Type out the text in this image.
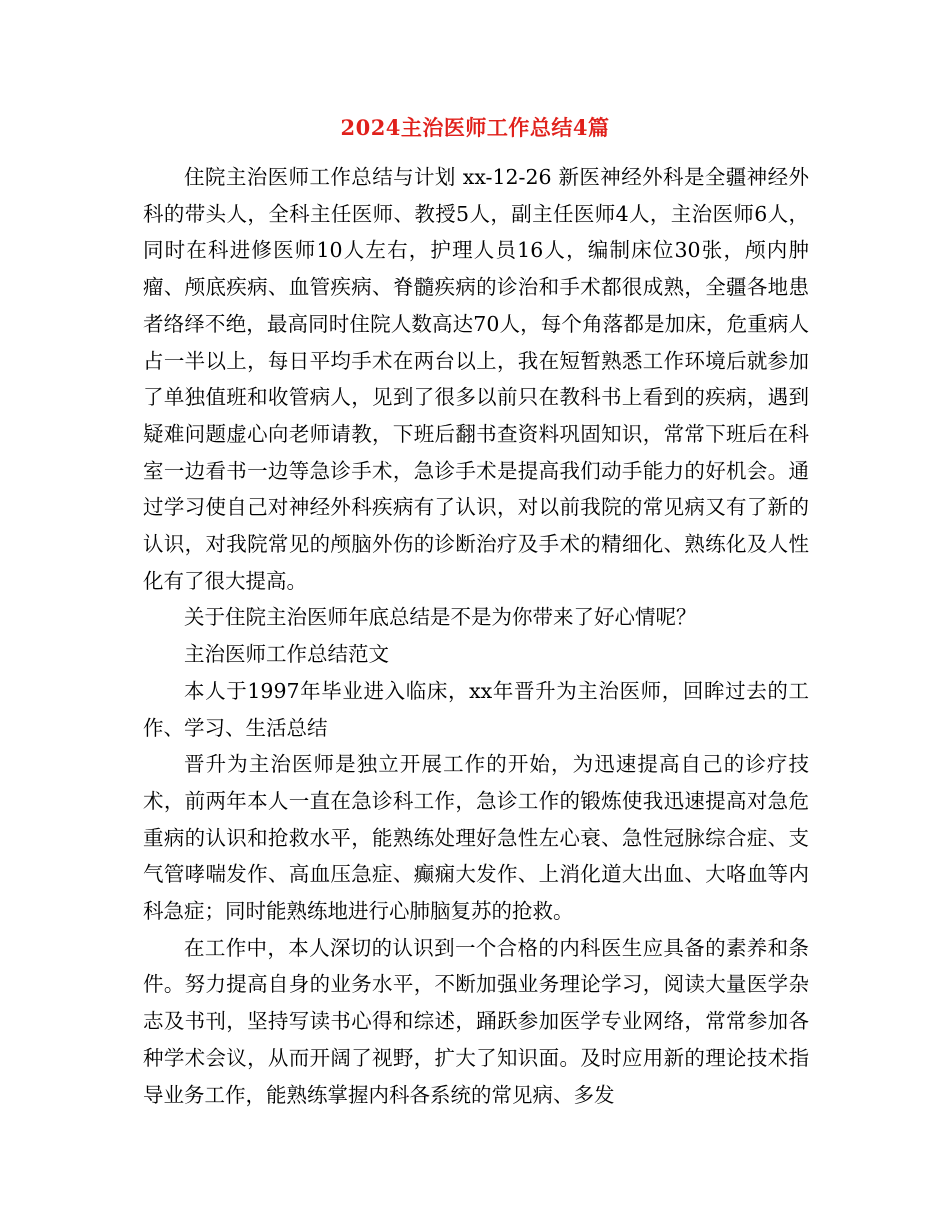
2024主治医师工作总结4篇

住院主治医师工作总结与计划 xx-12-26 新医神经外科是全疆神经外科的带头人，全科主任医师、教授5人，副主任医师4人，主治医师6人，同时在科进修医师10人左右，护理人员16人，编制床位30张，颅内肿瘤、颅底疾病、血管疾病、脊髓疾病的诊治和手术都很成熟，全疆各地患者络绎不绝，最高同时住院人数高达70人，每个角落都是加床，危重病人占一半以上，每日平均手术在两台以上，我在短暂熟悉工作环境后就参加了单独值班和收管病人，见到了很多以前只在教科书上看到的疾病，遇到疑难问题虚心向老师请教，下班后翻书查资料巩固知识，常常下班后在科室一边看书一边等急诊手术，急诊手术是提高我们动手能力的好机会。通过学习使自己对神经外科疾病有了认识，对以前我院的常见病又有了新的认识，对我院常见的颅脑外伤的诊断治疗及手术的精细化、熟练化及人性化有了很大提高。

关于住院主治医师年底总结是不是为你带来了好心情呢？

主治医师工作总结范文

本人于1997年毕业进入临床，xx年晋升为主治医师，回眸过去的工作、学习、生活总结

晋升为主治医师是独立开展工作的开始，为迅速提高自己的诊疗技术，前两年本人一直在急诊科工作，急诊工作的锻炼使我迅速提高对急危重病的认识和抢救水平，能熟练处理好急性左心衰、急性冠脉综合症、支气管哮喘发作、高血压急症、癫痫大发作、上消化道大出血、大咯血等内科急症；同时能熟练地进行心肺脑复苏的抢救。

在工作中，本人深切的认识到一个合格的内科医生应具备的素养和条件。努力提高自身的业务水平，不断加强业务理论学习，阅读大量医学杂志及书刊，坚持写读书心得和综述，踊跃参加医学专业网络，常常参加各种学术会议，从而开阔了视野，扩大了知识面。及时应用新的理论技术指导业务工作，能熟练掌握内科各系统的常见病、多发
